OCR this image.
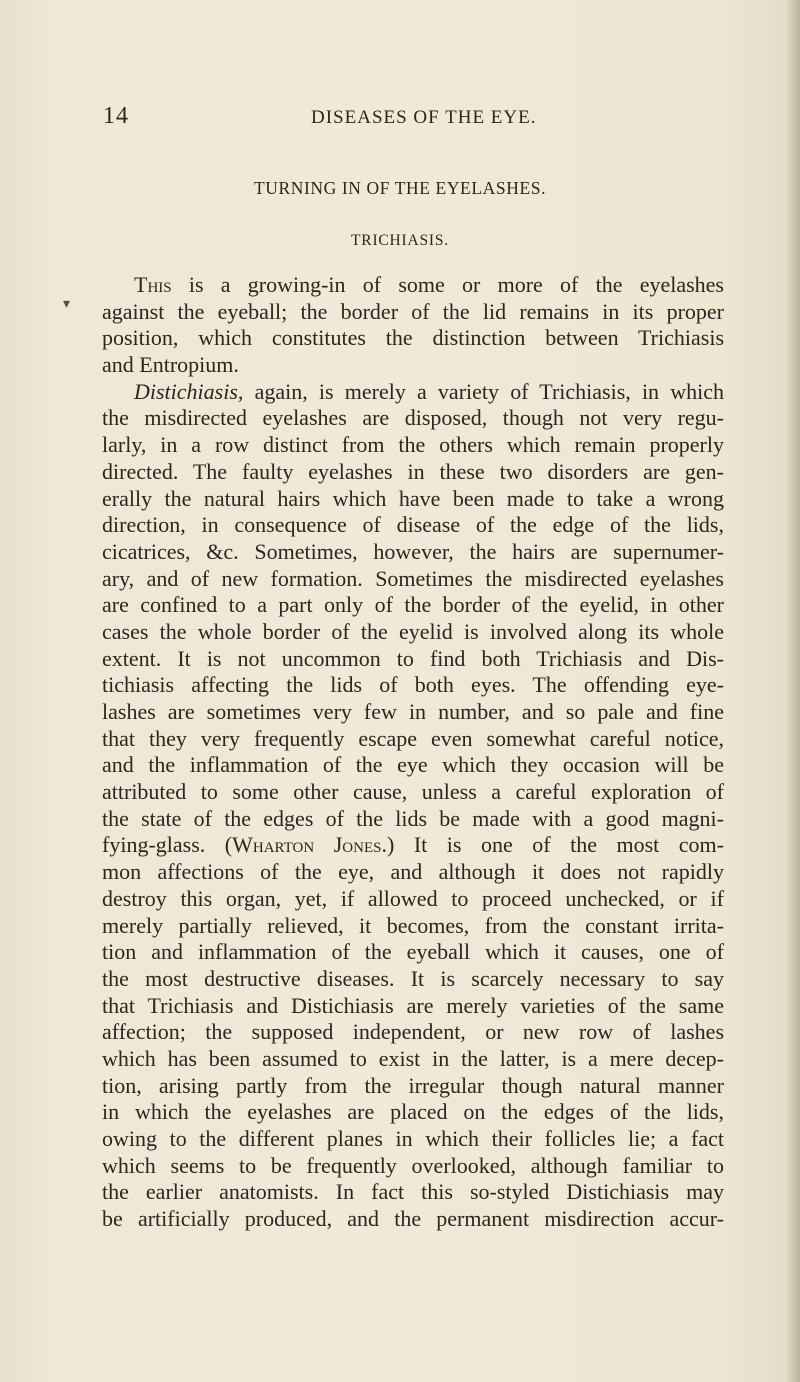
14	DISEASES OF THE EYE.
TURNING IN OF THE EYELASHES.
TRICHIASIS.
▾
This is a growing-in of some or more of the eyelashes
against the eyeball; the border of the lid remains in its proper
position, which constitutes the distinction between Trichiasis
and Entropium.
Distichiasis, again, is merely a variety of Trichiasis, in which
the misdirected eyelashes are disposed, though not very regu-
larly, in a row distinct from the others which remain properly
directed. The faulty eyelashes in these two disorders are gen-
erally the natural hairs which have been made to take a wrong
direction, in consequence of disease of the edge of the lids,
cicatrices, &c. Sometimes, however, the hairs are supernumer-
ary, and of new formation. Sometimes the misdirected eyelashes
are confined to a part only of the border of the eyelid, in other
cases the whole border of the eyelid is involved along its whole
extent. It is not uncommon to find both Trichiasis and Dis-
tichiasis affecting the lids of both eyes. The offending eye-
lashes are sometimes very few in number, and so pale and fine
that they very frequently escape even somewhat careful notice,
and the inflammation of the eye which they occasion will be
attributed to some other cause, unless a careful exploration of
the state of the edges of the lids be made with a good magni-
fying-glass. (Wharton Jones.) It is one of the most com-
mon affections of the eye, and although it does not rapidly
destroy this organ, yet, if allowed to proceed unchecked, or if
merely partially relieved, it becomes, from the constant irrita-
tion and inflammation of the eyeball which it causes, one of
the most destructive diseases. It is scarcely necessary to say
that Trichiasis and Distichiasis are merely varieties of the same
affection; the supposed independent, or new row of lashes
which has been assumed to exist in the latter, is a mere decep-
tion, arising partly from the irregular though natural manner
in which the eyelashes are placed on the edges of the lids,
owing to the different planes in which their follicles lie; a fact
which seems to be frequently overlooked, although familiar to
the earlier anatomists. In fact this so-styled Distichiasis may
be artificially produced, and the permanent misdirection accur-
